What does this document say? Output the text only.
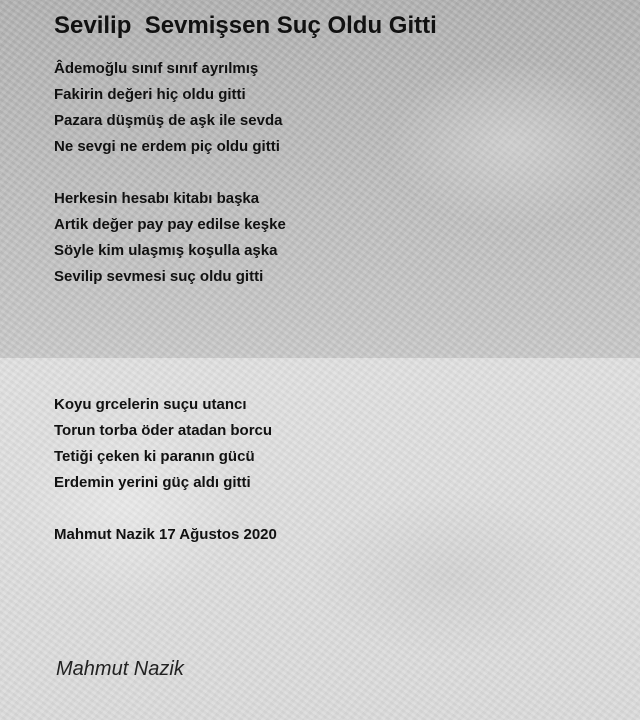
Sevilip  Sevmişsen Suç Oldu Gitti
Âdemoğlu sınıf sınıf ayrılmış
Fakirin değeri hiç oldu gitti
Pazara düşmüş de aşk ile sevda
Ne sevgi ne erdem piç oldu gitti
Herkesin hesabı kitabı başka
Artik değer pay pay edilse keşke
Söyle kim ulaşmış koşulla aşka
Sevilip sevmesi suç oldu gitti
Koyu grcelerin suçu utancı
Torun torba öder atadan borcu
Tetiği çeken ki paranın gücü
Erdemin yerini güç aldı gitti
Mahmut Nazik 17 Ağustos 2020
Mahmut Nazik
